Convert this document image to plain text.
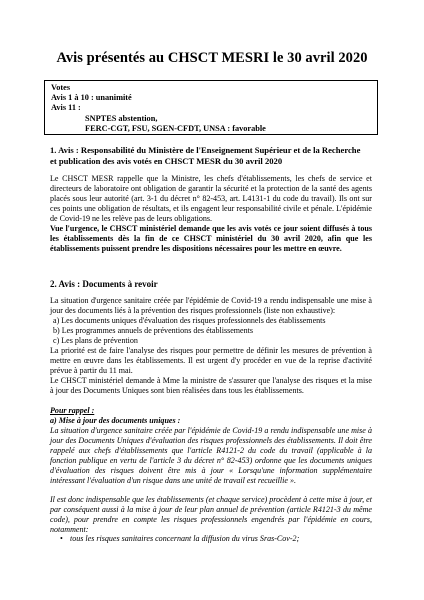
Avis présentés au CHSCT MESRI le 30 avril 2020
Votes
Avis 1 à 10 : unanimité
Avis 11 :
SNPTES abstention,
FERC-CGT, FSU, SGEN-CFDT, UNSA : favorable
1. Avis : Responsabilité du Ministère de l'Enseignement Supérieur et de la Recherche et publication des avis votés en CHSCT MESR du 30 avril 2020
Le CHSCT MESR rappelle que la Ministre, les chefs d'établissements, les chefs de service et directeurs de laboratoire ont obligation de garantir la sécurité et la protection de la santé des agents placés sous leur autorité (art. 3-1 du décret n° 82-453, art. L4131-1 du code du travail). Ils ont sur ces points une obligation de résultats, et ils engagent leur responsabilité civile et pénale. L'épidémie de Covid-19 ne les relève pas de leurs obligations.
Vue l'urgence, le CHSCT ministériel demande que les avis votés ce jour soient diffusés à tous les établissements dès la fin de ce CHSCT ministériel du 30 avril 2020, afin que les établissements puissent prendre les dispositions nécessaires pour les mettre en œuvre.
2. Avis : Documents à revoir
La situation d'urgence sanitaire créée par l'épidémie de Covid-19 a rendu indispensable une mise à jour des documents liés à la prévention des risques professionnels (liste non exhaustive):
a) Les documents uniques d'évaluation des risques professionnels des établissements
b) Les programmes annuels de préventions des établissements
c) Les plans de prévention
La priorité est de faire l'analyse des risques pour permettre de définir les mesures de prévention à mettre en œuvre dans les établissements. Il est urgent d'y procéder en vue de la reprise d'activité prévue à partir du 11 mai.
Le CHSCT ministériel demande à Mme la ministre de s'assurer que l'analyse des risques et la mise à jour des Documents Uniques sont bien réalisées dans tous les établissements.
Pour rappel :
a) Mise à jour des documents uniques :
La situation d'urgence sanitaire créée par l'épidémie de Covid-19 a rendu indispensable une mise à jour des Documents Uniques d'évaluation des risques professionnels des établissements. Il doit être rappelé aux chefs d'établissements que l'article R4121-2 du code du travail (applicable à la fonction publique en vertu de l'article 3 du décret n° 82-453) ordonne que les documents uniques d'évaluation des risques doivent être mis à jour « Lorsqu'une information supplémentaire intéressant l'évaluation d'un risque dans une unité de travail est recueillie ».
Il est donc indispensable que les établissements (et chaque service) procèdent à cette mise à jour, et par conséquent aussi à la mise à jour de leur plan annuel de prévention (article R4121-3 du même code), pour prendre en compte les risques professionnels engendrés par l'épidémie en cours, notamment:
• tous les risques sanitaires concernant la diffusion du virus Sras-Cov-2;
